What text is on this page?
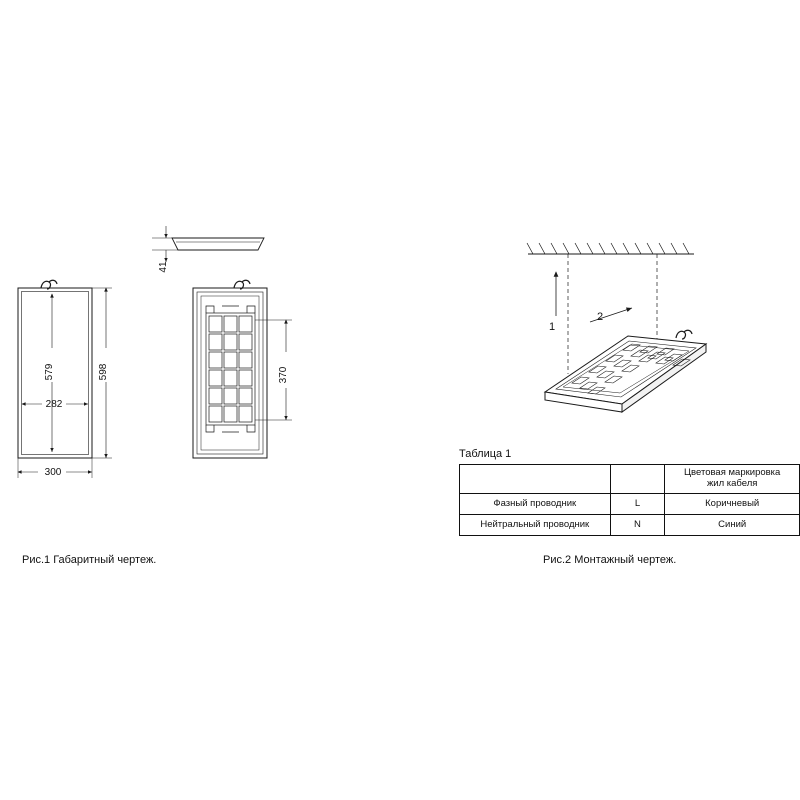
579	598
282
300
41
370
1
2
Рис.1 Габаритный чертеж.	Рис.2 Монтажный чертеж.
Таблица 1
		Цветовая маркировка
жил кабеля
Фазный проводник	L	Коричневый
Нейтральный проводник	N	Синий
